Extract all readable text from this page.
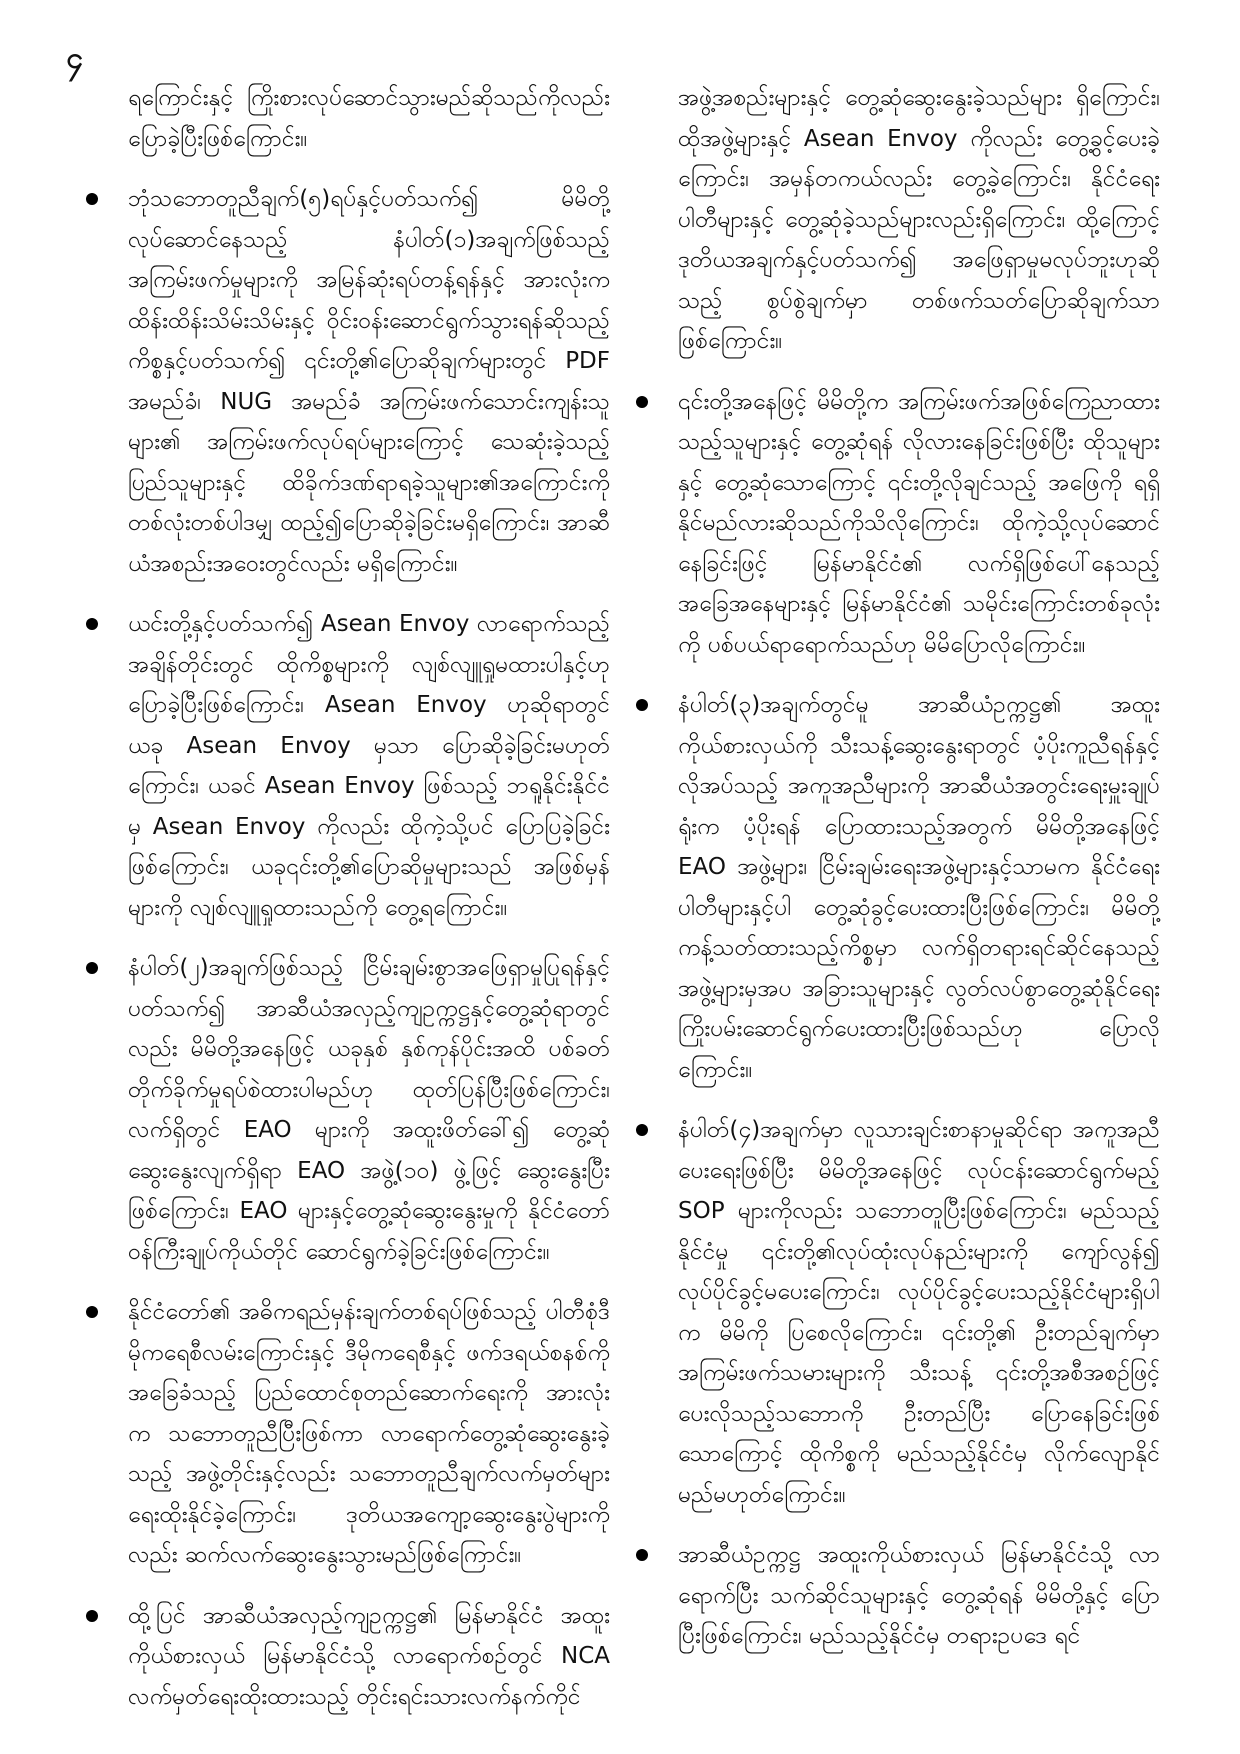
၄

ရကြောင်းနှင့် ကြိုးစားလုပ်ဆောင်သွားမည်ဆိုသည်ကိုလည်း ပြောခဲ့ပြီးဖြစ်ကြောင်း။

ဘုံသဘောတူညီချက်(၅)ရပ်နှင့်ပတ်သက်၍ မိမိတို့လုပ်ဆောင်နေသည့် နံပါတ်(၁)အချက်ဖြစ်သည့် အကြမ်းဖက်မှုများကို အမြန်ဆုံးရပ်တန့်ရန်နှင့် အားလုံးက ထိန်းထိန်းသိမ်းသိမ်းနှင့် ဝိုင်းဝန်းဆောင်ရွက်သွားရန်ဆိုသည့် ကိစ္စနှင့်ပတ်သက်၍ ၎င်းတို့၏ပြောဆိုချက်များတွင် PDF အမည်ခံ၊ NUG အမည်ခံ အကြမ်းဖက်သောင်းကျန်းသူများ၏ အကြမ်းဖက်လုပ်ရပ်များကြောင့် သေဆုံးခဲ့သည့် ပြည်သူများနှင့် ထိခိုက်ဒဏ်ရာရခဲ့သူများ၏အကြောင်းကို တစ်လုံးတစ်ပါဒမျှ ထည့်၍ပြောဆိုခဲ့ခြင်းမရှိကြောင်း၊ အာဆီယံအစည်းအဝေးတွင်လည်း မရှိကြောင်း။

ယင်းတို့နှင့်ပတ်သက်၍ Asean Envoy လာရောက်သည့်အချိန်တိုင်းတွင် ထိုကိစ္စများကို လျစ်လျူရှုမထားပါနှင့်ဟု ပြောခဲ့ပြီးဖြစ်ကြောင်း၊ Asean Envoy ဟုဆိုရာတွင် ယခု Asean Envoy မှသာ ပြောဆိုခဲ့ခြင်းမဟုတ်ကြောင်း၊ ယခင် Asean Envoy ဖြစ်သည့် ဘရူနိုင်းနိုင်ငံမှ Asean Envoy ကိုလည်း ထိုကဲ့သို့ပင် ပြောပြခဲ့ခြင်းဖြစ်ကြောင်း၊ ယခု၎င်းတို့၏ပြောဆိုမှုများသည် အဖြစ်မှန်များကို လျစ်လျူရှုထားသည်ကို တွေ့ရကြောင်း။

နံပါတ်(၂)အချက်ဖြစ်သည့် ငြိမ်းချမ်းစွာအဖြေရှာမှုပြုရန်နှင့်ပတ်သက်၍ အာဆီယံအလှည့်ကျဥက္ကဋ္ဌနှင့်တွေ့ဆုံရာတွင်လည်း မိမိတို့အနေဖြင့် ယခုနှစ် နှစ်ကုန်ပိုင်းအထိ ပစ်ခတ်တိုက်ခိုက်မှုရပ်စဲထားပါမည်ဟု ထုတ်ပြန်ပြီးဖြစ်ကြောင်း၊ လက်ရှိတွင် EAO များကို အထူးဖိတ်ခေါ်၍ တွေ့ဆုံဆွေးနွေးလျက်ရှိရာ EAO အဖွဲ့(၁၀) ဖွဲ့ဖြင့် ဆွေးနွေးပြီးဖြစ်ကြောင်း၊ EAO များနှင့်တွေ့ဆုံဆွေးနွေးမှုကို နိုင်ငံတော်ဝန်ကြီးချုပ်ကိုယ်တိုင် ဆောင်ရွက်ခဲ့ခြင်းဖြစ်ကြောင်း။

နိုင်ငံတော်၏ အဓိကရည်မှန်းချက်တစ်ရပ်ဖြစ်သည့် ပါတီစုံဒီမိုကရေစီလမ်းကြောင်းနှင့် ဒီမိုကရေစီနှင့် ဖက်ဒရယ်စနစ်ကိုအခြေခံသည့် ပြည်ထောင်စုတည်ဆောက်ရေးကို အားလုံးက သဘောတူညီပြီးဖြစ်ကာ လာရောက်တွေ့ဆုံဆွေးနွေးခဲ့သည့် အဖွဲ့တိုင်းနှင့်လည်း သဘောတူညီချက်လက်မှတ်များရေးထိုးနိုင်ခဲ့ကြောင်း၊ ဒုတိယအကျော့ဆွေးနွေးပွဲများကိုလည်း ဆက်လက်ဆွေးနွေးသွားမည်ဖြစ်ကြောင်း။

ထို့ပြင် အာဆီယံအလှည့်ကျဥက္ကဋ္ဌ၏ မြန်မာနိုင်ငံ အထူးကိုယ်စားလှယ် မြန်မာနိုင်ငံသို့ လာရောက်စဉ်တွင် NCA လက်မှတ်ရေးထိုးထားသည့် တိုင်းရင်းသားလက်နက်ကိုင်

အဖွဲ့အစည်းများနှင့် တွေ့ဆုံဆွေးနွေးခဲ့သည်များ ရှိကြောင်း၊ ထိုအဖွဲ့များနှင့် Asean Envoy ကိုလည်း တွေ့ခွင့်ပေးခဲ့ကြောင်း၊ အမှန်တကယ်လည်း တွေ့ခဲ့ကြောင်း၊ နိုင်ငံရေးပါတီများနှင့် တွေ့ဆုံခဲ့သည်များလည်းရှိကြောင်း၊ ထို့ကြောင့် ဒုတိယအချက်နှင့်ပတ်သက်၍ အဖြေရှာမှုမလုပ်ဘူးဟုဆိုသည့် စွပ်စွဲချက်မှာ တစ်ဖက်သတ်ပြောဆိုချက်သာ ဖြစ်ကြောင်း။

၎င်းတို့အနေဖြင့် မိမိတို့က အကြမ်းဖက်အဖြစ်ကြေညာထားသည့်သူများနှင့် တွေ့ဆုံရန် လိုလားနေခြင်းဖြစ်ပြီး ထိုသူများနှင့် တွေ့ဆုံသောကြောင့် ၎င်းတို့လိုချင်သည့် အဖြေကို ရရှိနိုင်မည်လားဆိုသည်ကိုသိလိုကြောင်း၊ ထိုကဲ့သို့လုပ်ဆောင်နေခြင်းဖြင့် မြန်မာနိုင်ငံ၏ လက်ရှိဖြစ်ပေါ်နေသည့် အခြေအနေများနှင့် မြန်မာနိုင်ငံ၏ သမိုင်းကြောင်းတစ်ခုလုံးကို ပစ်ပယ်ရာရောက်သည်ဟု မိမိပြောလိုကြောင်း။

နံပါတ်(၃)အချက်တွင်မူ အာဆီယံဥက္ကဋ္ဌ၏ အထူးကိုယ်စားလှယ်ကို သီးသန့်ဆွေးနွေးရာတွင် ပံ့ပိုးကူညီရန်နှင့် လိုအပ်သည့် အကူအညီများကို အာဆီယံအတွင်းရေးမှူးချုပ်ရုံးက ပံ့ပိုးရန် ပြောထားသည့်အတွက် မိမိတို့အနေဖြင့် EAO အဖွဲ့များ၊ ငြိမ်းချမ်းရေးအဖွဲ့များနှင့်သာမက နိုင်ငံရေးပါတီများနှင့်ပါ တွေ့ဆုံခွင့်ပေးထားပြီးဖြစ်ကြောင်း၊ မိမိတို့ကန့်သတ်ထားသည့်ကိစ္စမှာ လက်ရှိတရားရင်ဆိုင်နေသည့် အဖွဲ့များမှအပ အခြားသူများနှင့် လွတ်လပ်စွာတွေ့ဆုံနိုင်ရေး ကြိုးပမ်းဆောင်ရွက်ပေးထားပြီးဖြစ်သည်ဟု ပြောလိုကြောင်း။

နံပါတ်(၄)အချက်မှာ လူသားချင်းစာနာမှုဆိုင်ရာ အကူအညီပေးရေးဖြစ်ပြီး မိမိတို့အနေဖြင့် လုပ်ငန်းဆောင်ရွက်မည့် SOP များကိုလည်း သဘောတူပြီးဖြစ်ကြောင်း၊ မည်သည့်နိုင်ငံမှု ၎င်းတို့၏လုပ်ထုံးလုပ်နည်းများကို ကျော်လွန်၍ လုပ်ပိုင်ခွင့်မပေးကြောင်း၊ လုပ်ပိုင်ခွင့်ပေးသည့်နိုင်ငံများရှိပါက မိမိကို ပြစေလိုကြောင်း၊ ၎င်းတို့၏ ဦးတည်ချက်မှာ အကြမ်းဖက်သမားများကို သီးသန့် ၎င်းတို့အစီအစဉ်ဖြင့် ပေးလိုသည့်သဘောကို ဦးတည်ပြီး ပြောနေခြင်းဖြစ်သောကြောင့် ထိုကိစ္စကို မည်သည့်နိုင်ငံမှ လိုက်လျောနိုင်မည်မဟုတ်ကြောင်း။

အာဆီယံဥက္ကဋ္ဌ အထူးကိုယ်စားလှယ် မြန်မာနိုင်ငံသို့ လာရောက်ပြီး သက်ဆိုင်သူများနှင့် တွေ့ဆုံရန် မိမိတို့နှင့် ပြောပြီးဖြစ်ကြောင်း၊ မည်သည့်နိုင်ငံမှ တရားဥပဒေ ရင်
